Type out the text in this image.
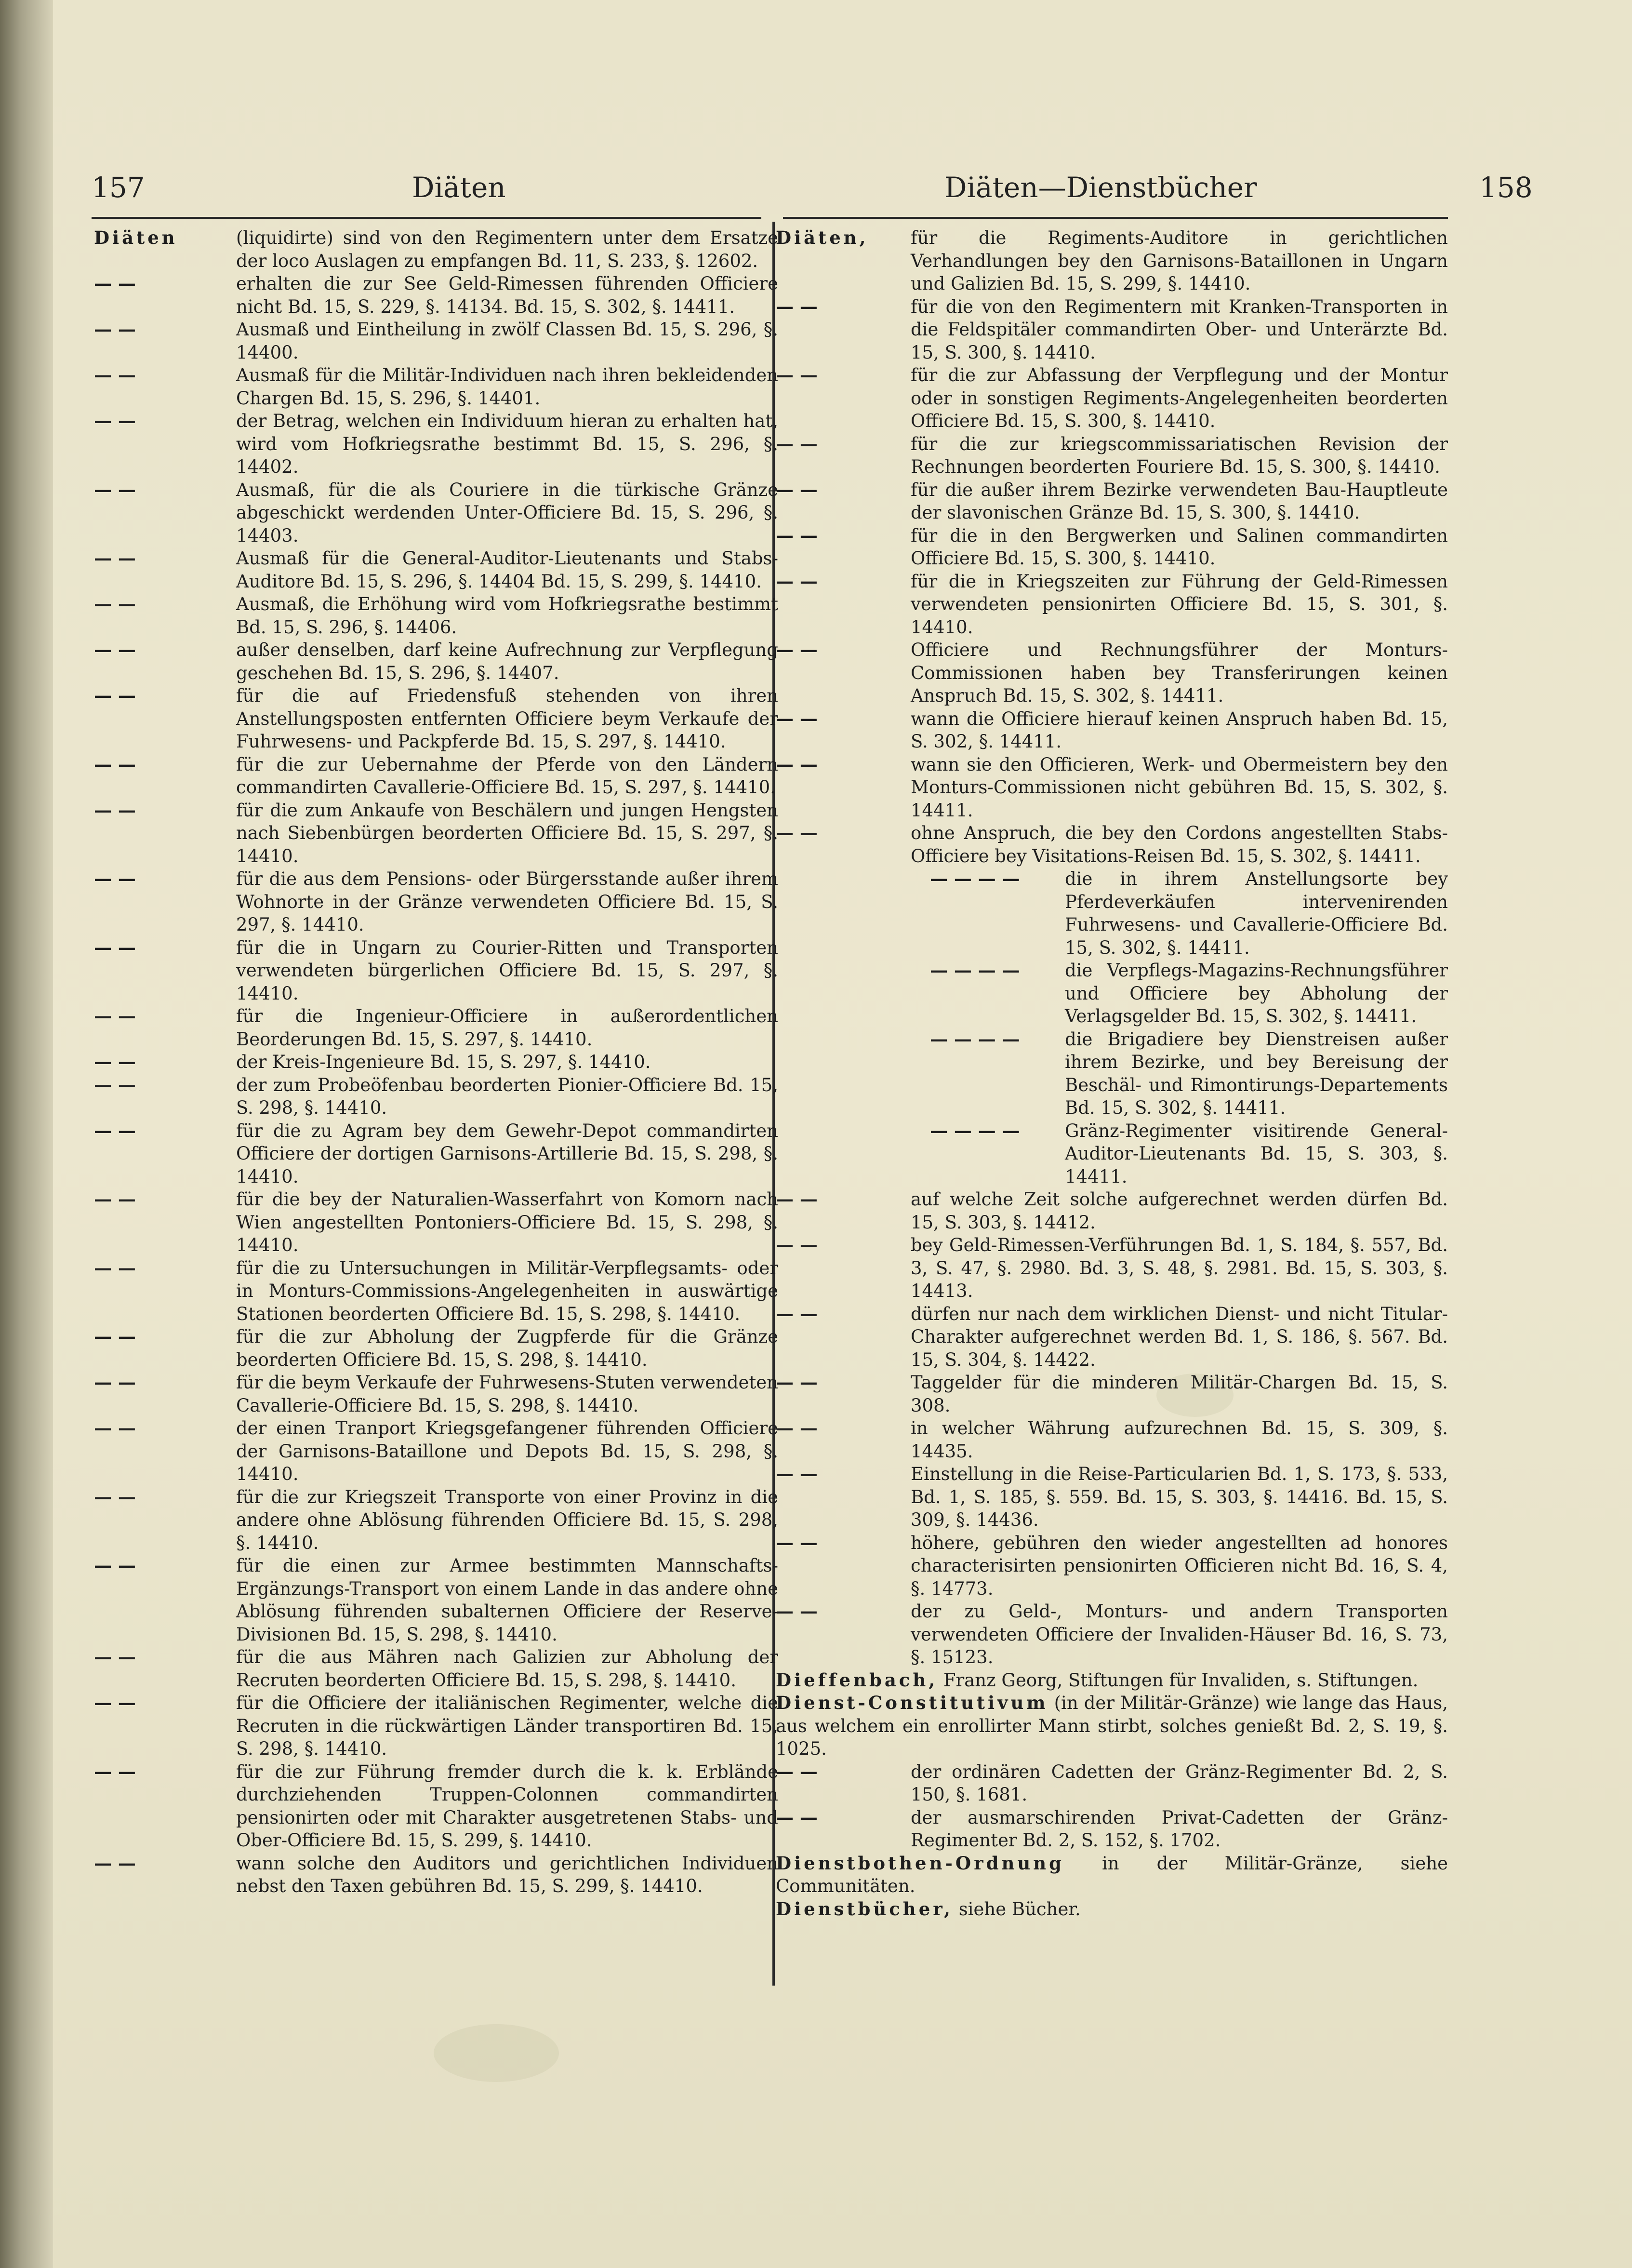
157	Diäten	Diäten—Dienstbücher	158
Diäten	(liquidirte) sind von den Regimentern unter dem Ersatze der loco Auslagen zu empfangen Bd. 11, S. 233, §. 12602.
— —	erhalten die zur See Geld-Rimessen führenden Officiere nicht Bd. 15, S. 229, §. 14134. Bd. 15, S. 302, §. 14411.
— —	Ausmaß und Eintheilung in zwölf Classen Bd. 15, S. 296, §. 14400.
— —	Ausmaß für die Militär-Individuen nach ihren bekleidenden Chargen Bd. 15, S. 296, §. 14401.
— —	der Betrag, welchen ein Individuum hieran zu erhalten hat, wird vom Hofkriegsrathe bestimmt Bd. 15, S. 296, §. 14402.
— —	Ausmaß, für die als Couriere in die türkische Gränze abgeschickt werdenden Unter-Officiere Bd. 15, S. 296, §. 14403.
— —	Ausmaß für die General-Auditor-Lieutenants und Stabs-Auditore Bd. 15, S. 296, §. 14404 Bd. 15, S. 299, §. 14410.
— —	Ausmaß, die Erhöhung wird vom Hofkriegsrathe bestimmt Bd. 15, S. 296, §. 14406.
— —	außer denselben, darf keine Aufrechnung zur Verpflegung geschehen Bd. 15, S. 296, §. 14407.
— —	für die auf Friedensfuß stehenden von ihren Anstellungsposten entfernten Officiere beym Verkaufe der Fuhrwesens- und Packpferde Bd. 15, S. 297, §. 14410.
— —	für die zur Uebernahme der Pferde von den Ländern commandirten Cavallerie-Officiere Bd. 15, S. 297, §. 14410.
— —	für die zum Ankaufe von Beschälern und jungen Hengsten nach Siebenbürgen beorderten Officiere Bd. 15, S. 297, §. 14410.
— —	für die aus dem Pensions- oder Bürgersstande außer ihrem Wohnorte in der Gränze verwendeten Officiere Bd. 15, S. 297, §. 14410.
— —	für die in Ungarn zu Courier-Ritten und Transporten verwendeten bürgerlichen Officiere Bd. 15, S. 297, §. 14410.
— —	für die Ingenieur-Officiere in außerordentlichen Beorderungen Bd. 15, S. 297, §. 14410.
— —	der Kreis-Ingenieure Bd. 15, S. 297, §. 14410.
— —	der zum Probeöfenbau beorderten Pionier-Officiere Bd. 15, S. 298, §. 14410.
— —	für die zu Agram bey dem Gewehr-Depot commandirten Officiere der dortigen Garnisons-Artillerie Bd. 15, S. 298, §. 14410.
— —	für die bey der Naturalien-Wasserfahrt von Komorn nach Wien angestellten Pontoniers-Officiere Bd. 15, S. 298, §. 14410.
— —	für die zu Untersuchungen in Militär-Verpflegsamts- oder in Monturs-Commissions-Angelegenheiten in auswärtige Stationen beorderten Officiere Bd. 15, S. 298, §. 14410.
— —	für die zur Abholung der Zugpferde für die Gränze beorderten Officiere Bd. 15, S. 298, §. 14410.
— —	für die beym Verkaufe der Fuhrwesens-Stuten verwendeten Cavallerie-Officiere Bd. 15, S. 298, §. 14410.
— —	der einen Tranport Kriegsgefangener führenden Officiere der Garnisons-Bataillone und Depots Bd. 15, S. 298, §. 14410.
— —	für die zur Kriegszeit Transporte von einer Provinz in die andere ohne Ablösung führenden Officiere Bd. 15, S. 298, §. 14410.
— —	für die einen zur Armee bestimmten Mannschafts-Ergänzungs-Transport von einem Lande in das andere ohne Ablösung führenden subalternen Officiere der Reserve-Divisionen Bd. 15, S. 298, §. 14410.
— —	für die aus Mähren nach Galizien zur Abholung der Recruten beorderten Officiere Bd. 15, S. 298, §. 14410.
— —	für die Officiere der italiänischen Regimenter, welche die Recruten in die rückwärtigen Länder transportiren Bd. 15, S. 298, §. 14410.
— —	für die zur Führung fremder durch die k. k. Erblände durchziehenden Truppen-Colonnen commandirten pensionirten oder mit Charakter ausgetretenen Stabs- und Ober-Officiere Bd. 15, S. 299, §. 14410.
— —	wann solche den Auditors und gerichtlichen Individuen nebst den Taxen gebühren Bd. 15, S. 299, §. 14410.
Diäten, für die Regiments-Auditore in gerichtlichen Verhandlungen bey den Garnisons-Bataillonen in Ungarn und Galizien Bd. 15, S. 299, §. 14410.
— —	für die von den Regimentern mit Kranken-Transporten in die Feldspitäler commandirten Ober- und Unterärzte Bd. 15, S. 300, §. 14410.
— —	für die zur Abfassung der Verpflegung und der Montur oder in sonstigen Regiments-Angelegenheiten beorderten Officiere Bd. 15, S. 300, §. 14410.
— —	für die zur kriegscommissariatischen Revision der Rechnungen beorderten Fouriere Bd. 15, S. 300, §. 14410.
— —	für die außer ihrem Bezirke verwendeten Bau-Hauptleute der slavonischen Gränze Bd. 15, S. 300, §. 14410.
— —	für die in den Bergwerken und Salinen commandirten Officiere Bd. 15, S. 300, §. 14410.
— —	für die in Kriegszeiten zur Führung der Geld-Rimessen verwendeten pensionirten Officiere Bd. 15, S. 301, §. 14410.
— —	Officiere und Rechnungsführer der Monturs-Commissionen haben bey Transferirungen keinen Anspruch Bd. 15, S. 302, §. 14411.
— —	wann die Officiere hierauf keinen Anspruch haben Bd. 15, S. 302, §. 14411.
— —	wann sie den Officieren, Werk- und Obermeistern bey den Monturs-Commissionen nicht gebühren Bd. 15, S. 302, §. 14411.
— —	ohne Anspruch, die bey den Cordons angestellten Stabs-Officiere bey Visitations-Reisen Bd. 15, S. 302, §. 14411.
— — — —	die in ihrem Anstellungsorte bey Pferdeverkäufen intervenirenden Fuhrwesens- und Cavallerie-Officiere Bd. 15, S. 302, §. 14411.
— — — —	die Verpflegs-Magazins-Rechnungsführer und Officiere bey Abholung der Verlagsgelder Bd. 15, S. 302, §. 14411.
— — — —	die Brigadiere bey Dienstreisen außer ihrem Bezirke, und bey Bereisung der Beschäl- und Rimontirungs-Departements Bd. 15, S. 302, §. 14411.
— — — —	Gränz-Regimenter visitirende General-Auditor-Lieutenants Bd. 15, S. 303, §. 14411.
— —	auf welche Zeit solche aufgerechnet werden dürfen Bd. 15, S. 303, §. 14412.
— —	bey Geld-Rimessen-Verführungen Bd. 1, S. 184, §. 557, Bd. 3, S. 47, §. 2980. Bd. 3, S. 48, §. 2981. Bd. 15, S. 303, §. 14413.
— —	dürfen nur nach dem wirklichen Dienst- und nicht Titular-Charakter aufgerechnet werden Bd. 1, S. 186, §. 567. Bd. 15, S. 304, §. 14422.
— —	Taggelder für die minderen Militär-Chargen Bd. 15, S. 308.
— —	in welcher Währung aufzurechnen Bd. 15, S. 309, §. 14435.
— —	Einstellung in die Reise-Particularien Bd. 1, S. 173, §. 533, Bd. 1, S. 185, §. 559. Bd. 15, S. 303, §. 14416. Bd. 15, S. 309, §. 14436.
— —	höhere, gebühren den wieder angestellten ad honores characterisirten pensionirten Officieren nicht Bd. 16, S. 4, §. 14773.
— —	der zu Geld-, Monturs- und andern Transporten verwendeten Officiere der Invaliden-Häuser Bd. 16, S. 73, §. 15123.
Dieffenbach, Franz Georg, Stiftungen für Invaliden, s. Stiftungen.
Dienst-Constitutivum (in der Militär-Gränze) wie lange das Haus, aus welchem ein enrollirter Mann stirbt, solches genießt Bd. 2, S. 19, §. 1025.
— —	der ordinären Cadetten der Gränz-Regimenter Bd. 2, S. 150, §. 1681.
— —	der ausmarschirenden Privat-Cadetten der Gränz-Regimenter Bd. 2, S. 152, §. 1702.
Dienstbothen-Ordnung in der Militär-Gränze, siehe Communitäten.
Dienstbücher, siehe Bücher.
